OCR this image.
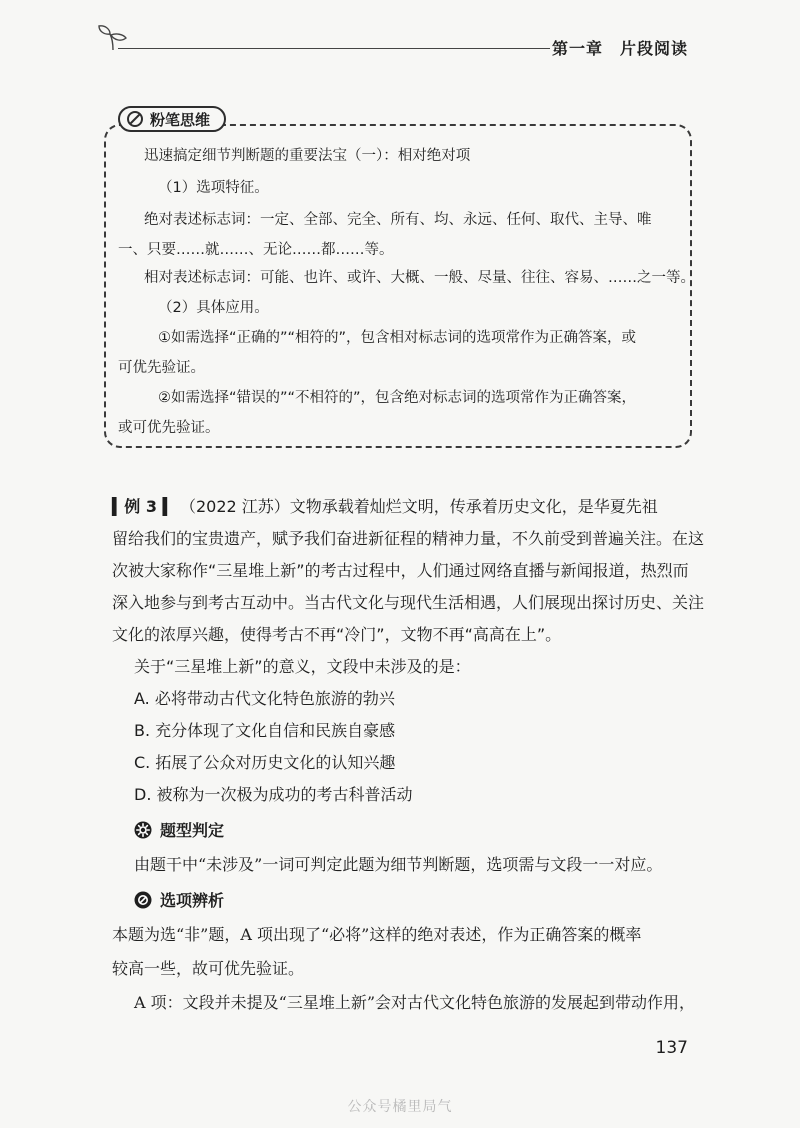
第一章　片段阅读
粉笔思维
迅速搞定细节判断题的重要法宝（一）：相对绝对项
（1）选项特征。
绝对表述标志词：一定、全部、完全、所有、均、永远、任何、取代、主导、唯
一、只要……就……、无论……都……等。
相对表述标志词：可能、也许、或许、大概、一般、尽量、往往、容易、……之一等。
（2）具体应用。
①如需选择“正确的”“相符的”，包含相对标志词的选项常作为正确答案，或
可优先验证。
②如需选择“错误的”“不相符的”，包含绝对标志词的选项常作为正确答案，
或可优先验证。
▍例 3 ▍ （2022 江苏）文物承载着灿烂文明，传承着历史文化，是华夏先祖
留给我们的宝贵遗产，赋予我们奋进新征程的精神力量，不久前受到普遍关注。在这
次被大家称作“三星堆上新”的考古过程中，人们通过网络直播与新闻报道，热烈而
深入地参与到考古互动中。当古代文化与现代生活相遇，人们展现出探讨历史、关注
文化的浓厚兴趣，使得考古不再“冷门”，文物不再“高高在上”。
关于“三星堆上新”的意义，文段中未涉及的是：
A. 必将带动古代文化特色旅游的勃兴
B. 充分体现了文化自信和民族自豪感
C. 拓展了公众对历史文化的认知兴趣
D. 被称为一次极为成功的考古科普活动
题型判定
由题干中“未涉及”一词可判定此题为细节判断题，选项需与文段一一对应。
选项辨析
本题为选“非”题，A 项出现了“必将”这样的绝对表述，作为正确答案的概率
较高一些，故可优先验证。
A 项：文段并未提及“三星堆上新”会对古代文化特色旅游的发展起到带动作用，
137
公众号橘里局气
